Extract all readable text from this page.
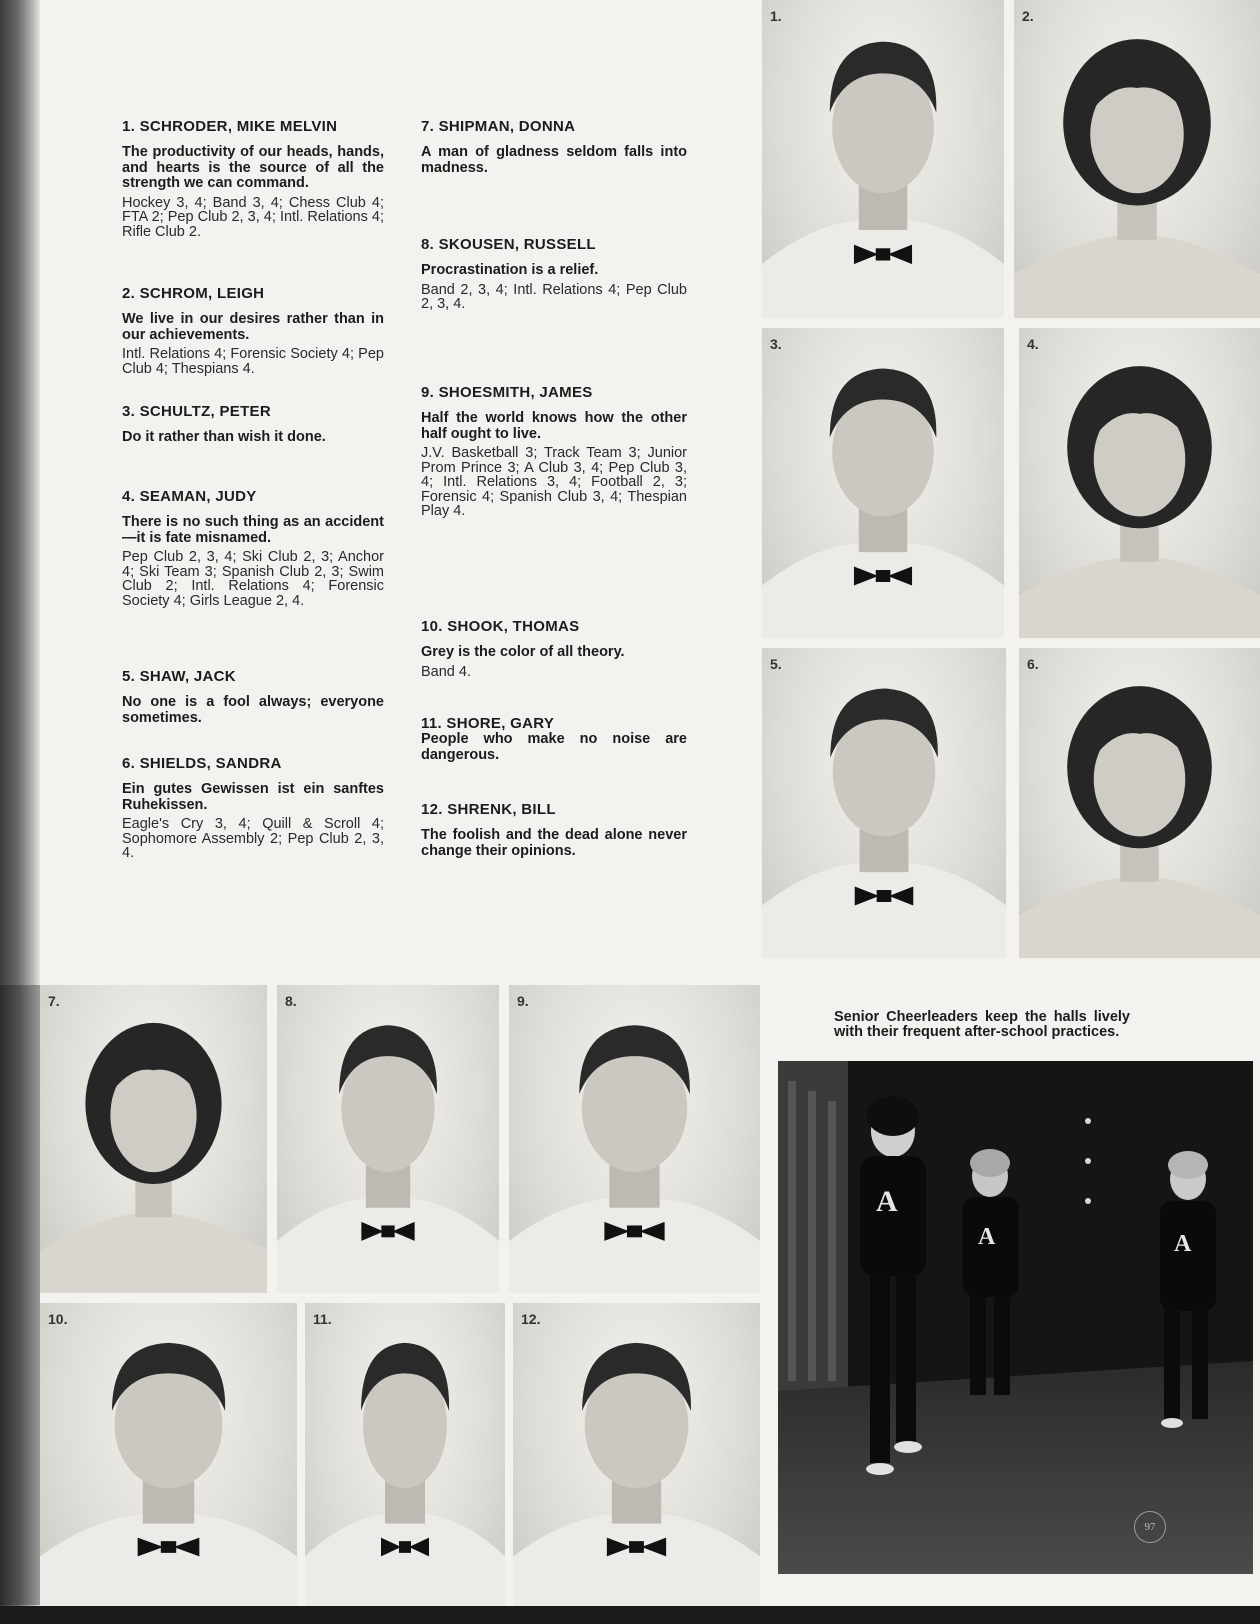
1. SCHRODER, MIKE MELVIN

The productivity of our heads, hands, and hearts is the source of all the strength we can command.

Hockey 3, 4; Band 3, 4; Chess Club 4; FTA 2; Pep Club 2, 3, 4; Intl. Relations 4; Rifle Club 2.

2. SCHROM, LEIGH

We live in our desires rather than in our achievements.

Intl. Relations 4; Forensic Society 4; Pep Club 4; Thespians 4.

3. SCHULTZ, PETER

Do it rather than wish it done.

4. SEAMAN, JUDY

There is no such thing as an accident—it is fate misnamed.

Pep Club 2, 3, 4; Ski Club 2, 3; Anchor 4; Ski Team 3; Spanish Club 2, 3; Swim Club 2; Intl. Relations 4; Forensic Society 4; Girls League 2, 4.

5. SHAW, JACK

No one is a fool always; everyone sometimes.

6. SHIELDS, SANDRA

Ein gutes Gewissen ist ein sanftes Ruhekissen.

Eagle's Cry 3, 4; Quill & Scroll 4; Sophomore Assembly 2; Pep Club 2, 3, 4.

7. SHIPMAN, DONNA

A man of gladness seldom falls into madness.

8. SKOUSEN, RUSSELL

Procrastination is a relief.

Band 2, 3, 4; Intl. Relations 4; Pep Club 2, 3, 4.

9. SHOESMITH, JAMES

Half the world knows how the other half ought to live.

J.V. Basketball 3; Track Team 3; Junior Prom Prince 3; A Club 3, 4; Pep Club 3, 4; Intl. Relations 3, 4; Football 2, 3; Forensic 4; Spanish Club 3, 4; Thespian Play 4.

10. SHOOK, THOMAS

Grey is the color of all theory.

Band 4.

11. SHORE, GARY

People who make no noise are dangerous.

12. SHRENK, BILL

The foolish and the dead alone never change their opinions.

1.	2.
3.	4.
5.	6.
7.	8.	9.
10.	11.	12.

Senior Cheerleaders keep the halls lively with their frequent after-school practices.

A
A	A
97
